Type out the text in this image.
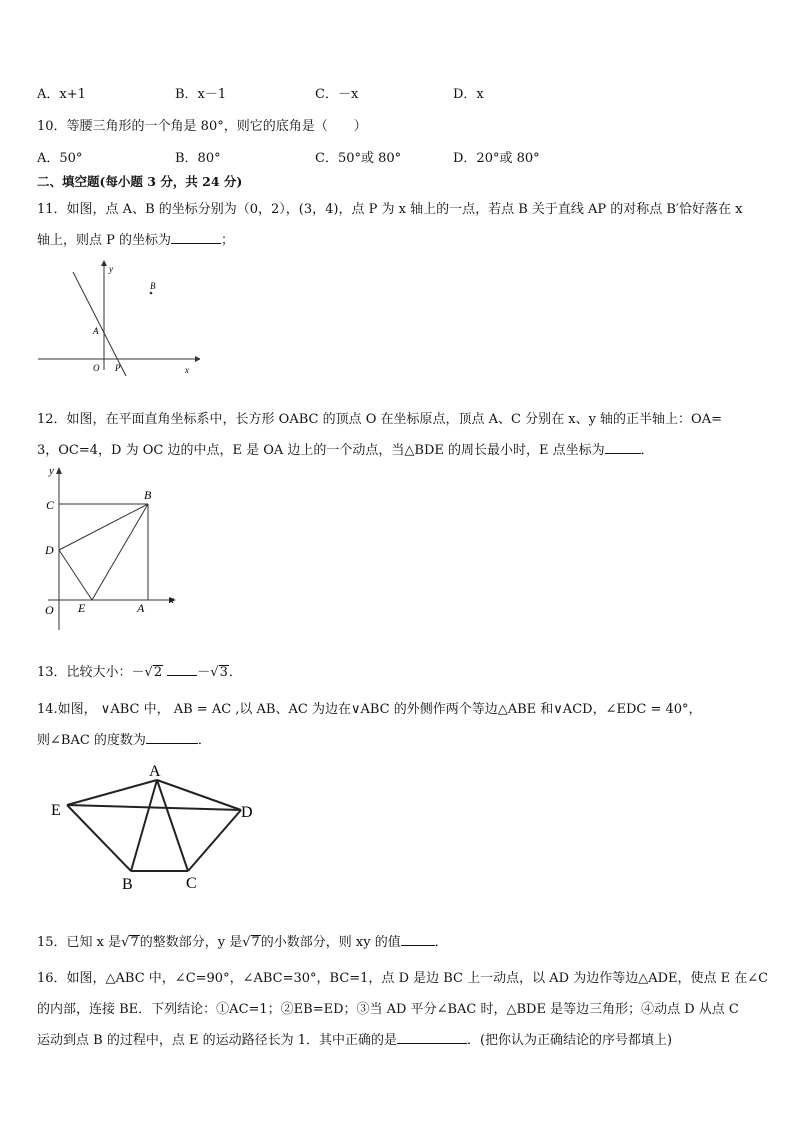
A．x+1	B．x－1	C．－x	D．x
10．等腰三角形的一个角是 80°，则它的底角是（　　）
A．50°	B．80°	C．50°或 80°	D．20°或 80°
二、填空题(每小题 3 分，共 24 分)
11．如图，点 A、B 的坐标分别为（0，2），(3，4)，点 P 为 x 轴上的一点，若点 B 关于直线 AP 的对称点 B′恰好落在 x
轴上，则点 P 的坐标为	；
y
x
B
A
O P
12．如图，在平面直角坐标系中，长方形 OABC 的顶点 O 在坐标原点，顶点 A、C 分别在 x、y 轴的正半轴上：OA=
3，OC=4，D 为 OC 边的中点，E 是 OA 边上的一个动点，当△BDE 的周长最小时，E 点坐标为	．
y
x
C
B
D
O E	A
13．比较大小：－√2	－√3．
14.如图， ∨ABC 中， AB = AC ,以 AB、AC 为边在∨ABC 的外侧作两个等边△ABE 和∨ACD，∠EDC = 40°，
则∠BAC 的度数为	．
A
E	D
B	C
15．已知 x 是√7的整数部分，y 是√7的小数部分，则 xy 的值	．
16．如图，△ABC 中，∠C=90°，∠ABC=30°，BC=1，点 D 是边 BC 上一动点，以 AD 为边作等边△ADE，使点 E 在∠C
的内部，连接 BE．下列结论：①AC=1；②EB=ED；③当 AD 平分∠BAC 时，△BDE 是等边三角形；④动点 D 从点 C
运动到点 B 的过程中，点 E 的运动路径长为 1．其中正确的是	．(把你认为正确结论的序号都填上)
